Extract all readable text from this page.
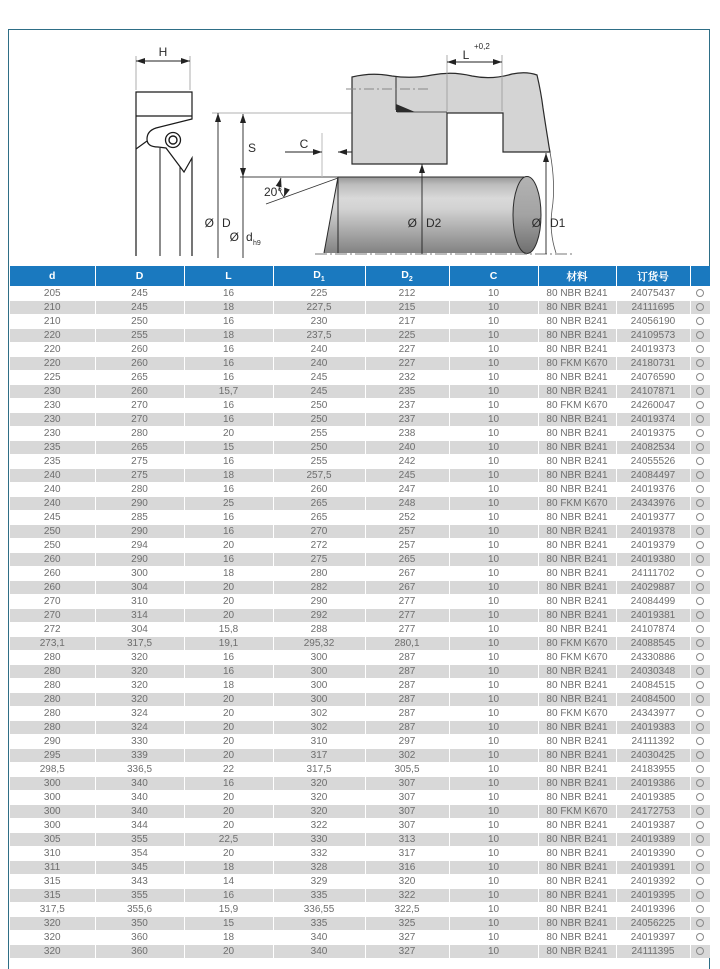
H
Ø D
S
Ø d h9
20°
C
L
+0,2
Ø D2	Ø D1
d	D	L	$D_1$	$D_2$	C	材料	订货号	
205	245	16	225	212	10	80 NBR B241	24075437	
210	245	18	227,5	215	10	80 NBR B241	24111695	
210	250	16	230	217	10	80 NBR B241	24056190	
220	255	18	237,5	225	10	80 NBR B241	24109573	
220	260	16	240	227	10	80 NBR B241	24019373	
220	260	16	240	227	10	80 FKM K670	24180731	
225	265	16	245	232	10	80 NBR B241	24076590	
230	260	15,7	245	235	10	80 NBR B241	24107871	
230	270	16	250	237	10	80 FKM K670	24260047	
230	270	16	250	237	10	80 NBR B241	24019374	
230	280	20	255	238	10	80 NBR B241	24019375	
235	265	15	250	240	10	80 NBR B241	24082534	
235	275	16	255	242	10	80 NBR B241	24055526	
240	275	18	257,5	245	10	80 NBR B241	24084497	
240	280	16	260	247	10	80 NBR B241	24019376	
240	290	25	265	248	10	80 FKM K670	24343976	
245	285	16	265	252	10	80 NBR B241	24019377	
250	290	16	270	257	10	80 NBR B241	24019378	
250	294	20	272	257	10	80 NBR B241	24019379	
260	290	16	275	265	10	80 NBR B241	24019380	
260	300	18	280	267	10	80 NBR B241	24111702	
260	304	20	282	267	10	80 NBR B241	24029887	
270	310	20	290	277	10	80 NBR B241	24084499	
270	314	20	292	277	10	80 NBR B241	24019381	
272	304	15,8	288	277	10	80 NBR B241	24107874	
273,1	317,5	19,1	295,32	280,1	10	80 FKM K670	24088545	
280	320	16	300	287	10	80 FKM K670	24330886	
280	320	16	300	287	10	80 NBR B241	24030348	
280	320	18	300	287	10	80 NBR B241	24084515	
280	320	20	300	287	10	80 NBR B241	24084500	
280	324	20	302	287	10	80 FKM K670	24343977	
280	324	20	302	287	10	80 NBR B241	24019383	
290	330	20	310	297	10	80 NBR B241	24111392	
295	339	20	317	302	10	80 NBR B241	24030425	
298,5	336,5	22	317,5	305,5	10	80 NBR B241	24183955	
300	340	16	320	307	10	80 NBR B241	24019386	
300	340	20	320	307	10	80 NBR B241	24019385	
300	340	20	320	307	10	80 FKM K670	24172753	
300	344	20	322	307	10	80 NBR B241	24019387	
305	355	22,5	330	313	10	80 NBR B241	24019389	
310	354	20	332	317	10	80 NBR B241	24019390	
311	345	18	328	316	10	80 NBR B241	24019391	
315	343	14	329	320	10	80 NBR B241	24019392	
315	355	16	335	322	10	80 NBR B241	24019395	
317,5	355,6	15,9	336,55	322,5	10	80 NBR B241	24019396	
320	350	15	335	325	10	80 NBR B241	24056225	
320	360	18	340	327	10	80 NBR B241	24019397	
320	360	20	340	327	10	80 NBR B241	24111395	
